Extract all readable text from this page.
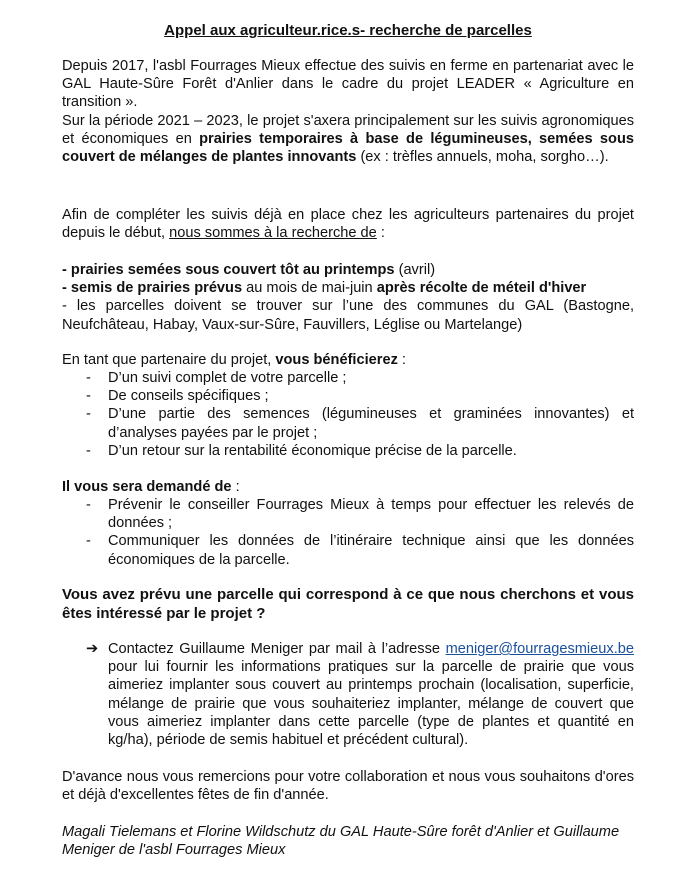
Appel aux agriculteur.rice.s- recherche de parcelles
Depuis 2017, l'asbl Fourrages Mieux effectue des suivis en ferme en partenariat avec le GAL Haute-Sûre Forêt d'Anlier dans le cadre du projet LEADER « Agriculture en transition ».
Sur la période 2021 – 2023, le projet s'axera principalement sur les suivis agronomiques et économiques en prairies temporaires à base de légumineuses, semées sous couvert de mélanges de plantes innovants (ex : trèfles annuels, moha, sorgho…).
Afin de compléter les suivis déjà en place chez les agriculteurs partenaires du projet depuis le début, nous sommes à la recherche de :
- prairies semées sous couvert tôt au printemps (avril)
- semis de prairies prévus au mois de mai-juin après récolte de méteil d'hiver
- les parcelles doivent se trouver sur l’une des communes du GAL (Bastogne, Neufchâteau, Habay, Vaux-sur-Sûre, Fauvillers, Léglise ou Martelange)
En tant que partenaire du projet, vous bénéficierez :
- D’un suivi complet de votre parcelle ;
- De conseils spécifiques ;
- D’une partie des semences (légumineuses et graminées innovantes) et d’analyses payées par le projet ;
- D’un retour sur la rentabilité économique précise de la parcelle.
Il vous sera demandé de :
- Prévenir le conseiller Fourrages Mieux à temps pour effectuer les relevés de données ;
- Communiquer les données de l’itinéraire technique ainsi que les données économiques de la parcelle.
Vous avez prévu une parcelle qui correspond à ce que nous cherchons et vous êtes intéressé par le projet ?
➔ Contactez Guillaume Meniger par mail à l’adresse meniger@fourragesmieux.be pour lui fournir les informations pratiques sur la parcelle de prairie que vous aimeriez implanter sous couvert au printemps prochain (localisation, superficie, mélange de prairie que vous souhaiteriez implanter, mélange de couvert que vous aimeriez implanter dans cette parcelle (type de plantes et quantité en kg/ha), période de semis habituel et précédent cultural).
D'avance nous vous remercions pour votre collaboration et nous vous souhaitons d'ores et déjà d'excellentes fêtes de fin d'année.
Magali Tielemans et Florine Wildschutz du GAL Haute-Sûre forêt d'Anlier et Guillaume Meniger de l'asbl Fourrages Mieux
